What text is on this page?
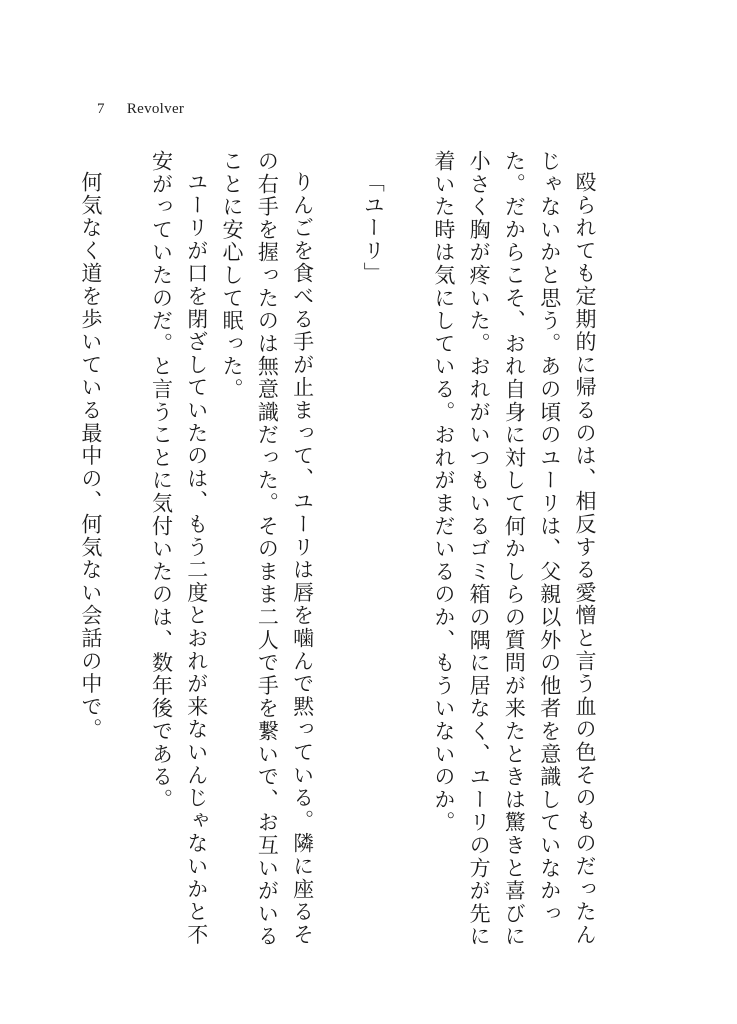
7 Revolver

殴られても定期的に帰るのは、相反する愛憎と言う血の色そのものだったんじゃないかと思う。あの頃のユーリは、父親以外の他者を意識していなかった。だからこそ、おれ自身に対して何かしらの質問が来たときは驚きと喜びに小さく胸が疼いた。おれがいつもいるゴミ箱の隅に居なく、ユーリの方が先に着いた時は気にしている。おれがまだいるのか、もういないのか。

「ユーリ」

りんごを食べる手が止まって、ユーリは唇を噛んで黙っている。隣に座るその右手を握ったのは無意識だった。そのまま二人で手を繋いで、お互いがいることに安心して眠った。

ユーリが口を閉ざしていたのは、もう二度とおれが来ないんじゃないかと不安がっていたのだ。と言うことに気付いたのは、数年後である。

何気なく道を歩いている最中の、何気ない会話の中で。
